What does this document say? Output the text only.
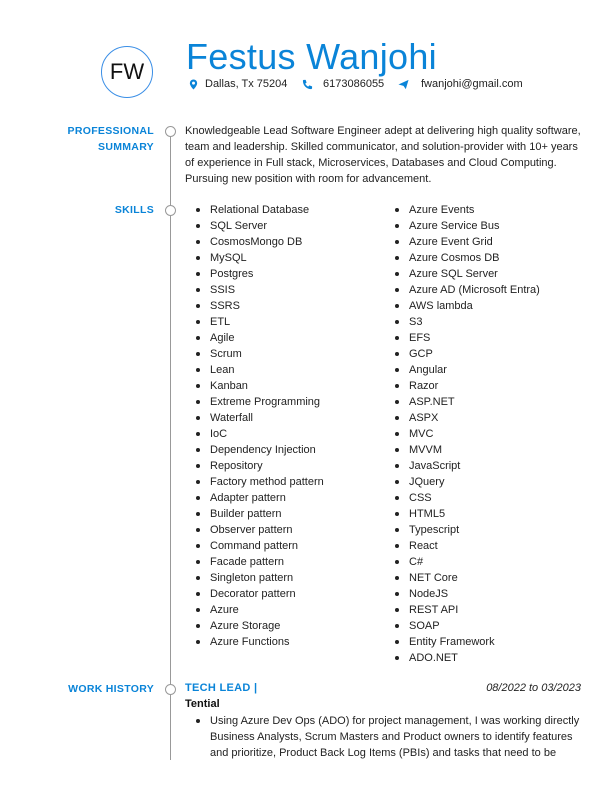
FW Festus Wanjohi
Dallas, Tx 75204	6173086055	fwanjohi@gmail.com
PROFESSIONAL SUMMARY
Knowledgeable Lead Software Engineer adept at delivering high quality software, team and leadership. Skilled communicator, and solution-provider with 10+ years of experience in Full stack, Microservices, Databases and Cloud Computing. Pursuing new position with room for advancement.
SKILLS	Relational Database
SQL Server
CosmosMongo DB
MySQL
Postgres
SSIS
SSRS
ETL
Agile
Scrum
Lean
Kanban
Extreme Programming
Waterfall
IoC
Dependency Injection
Repository
Factory method pattern
Adapter pattern
Builder pattern
Observer pattern
Command pattern
Facade pattern
Singleton pattern
Decorator pattern
Azure
Azure Storage
Azure Functions
Azure Events
Azure Service Bus
Azure Event Grid
Azure Cosmos DB
Azure SQL Server
Azure AD (Microsoft Entra)
AWS lambda
S3
EFS
GCP
Angular
Razor
ASP.NET
ASPX
MVC
MVVM
JavaScript
JQuery
CSS
HTML5
Typescript
React
C#
NET Core
NodeJS
REST API
SOAP
Entity Framework
ADO.NET
WORK HISTORY	TECH LEAD |	08/2022 to 03/2023
Tential
Using Azure Dev Ops (ADO) for project management, I was working directly Business Analysts, Scrum Masters and Product owners to identify features and prioritize, Product Back Log Items (PBIs) and tasks that need to be
